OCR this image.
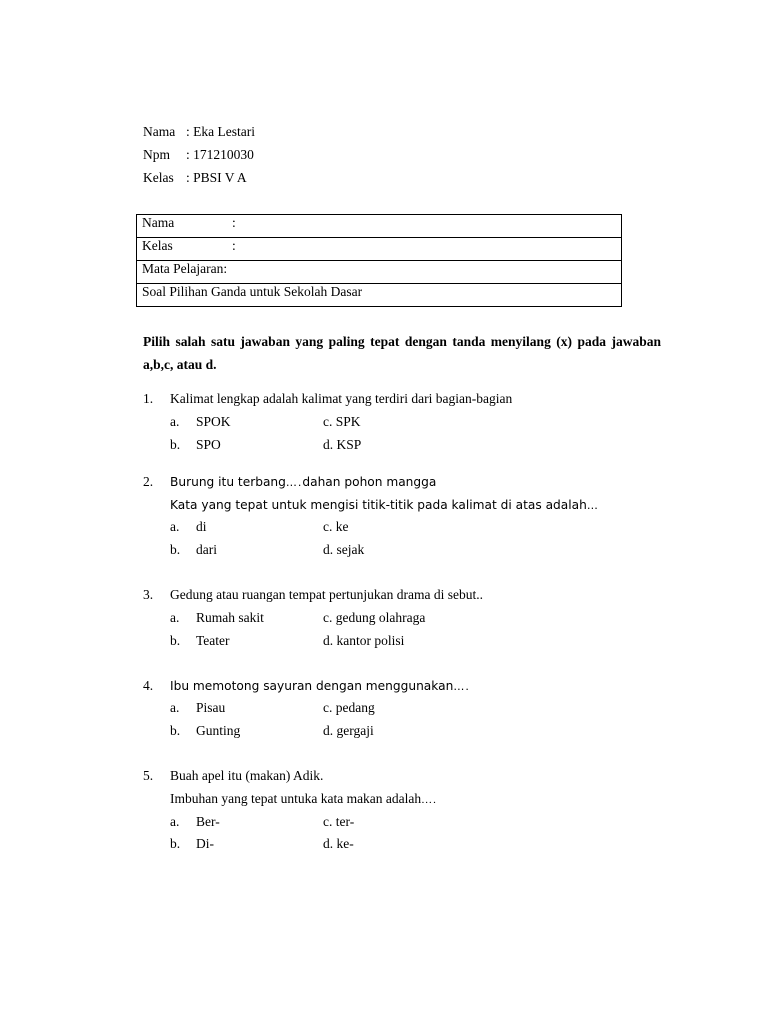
Nama : Eka Lestari
Npm : 171210030
Kelas : PBSI V A
Nama	:
Kelas	:
Mata Pelajaran:
Soal Pilihan Ganda untuk Sekolah Dasar
Pilih salah satu jawaban yang paling tepat dengan tanda menyilang (x) pada jawaban a,b,c, atau d.
1. Kalimat lengkap adalah kalimat yang terdiri dari bagian-bagian
a. SPOK	c. SPK
b. SPO	d. KSP
2. Burung itu terbang….dahan pohon mangga
Kata yang tepat untuk mengisi titik-titik pada kalimat di atas adalah…
a. di	c. ke
b. dari	d. sejak
3. Gedung atau ruangan tempat pertunjukan drama di sebut..
a. Rumah sakit	c. gedung olahraga
b. Teater	d. kantor polisi
4. Ibu memotong sayuran dengan menggunakan….
a. Pisau	c. pedang
b. Gunting	d. gergaji
5. Buah apel itu (makan) Adik.
Imbuhan yang tepat untuka kata makan adalah….
a. Ber-	c. ter-
b. Di-	d. ke-
